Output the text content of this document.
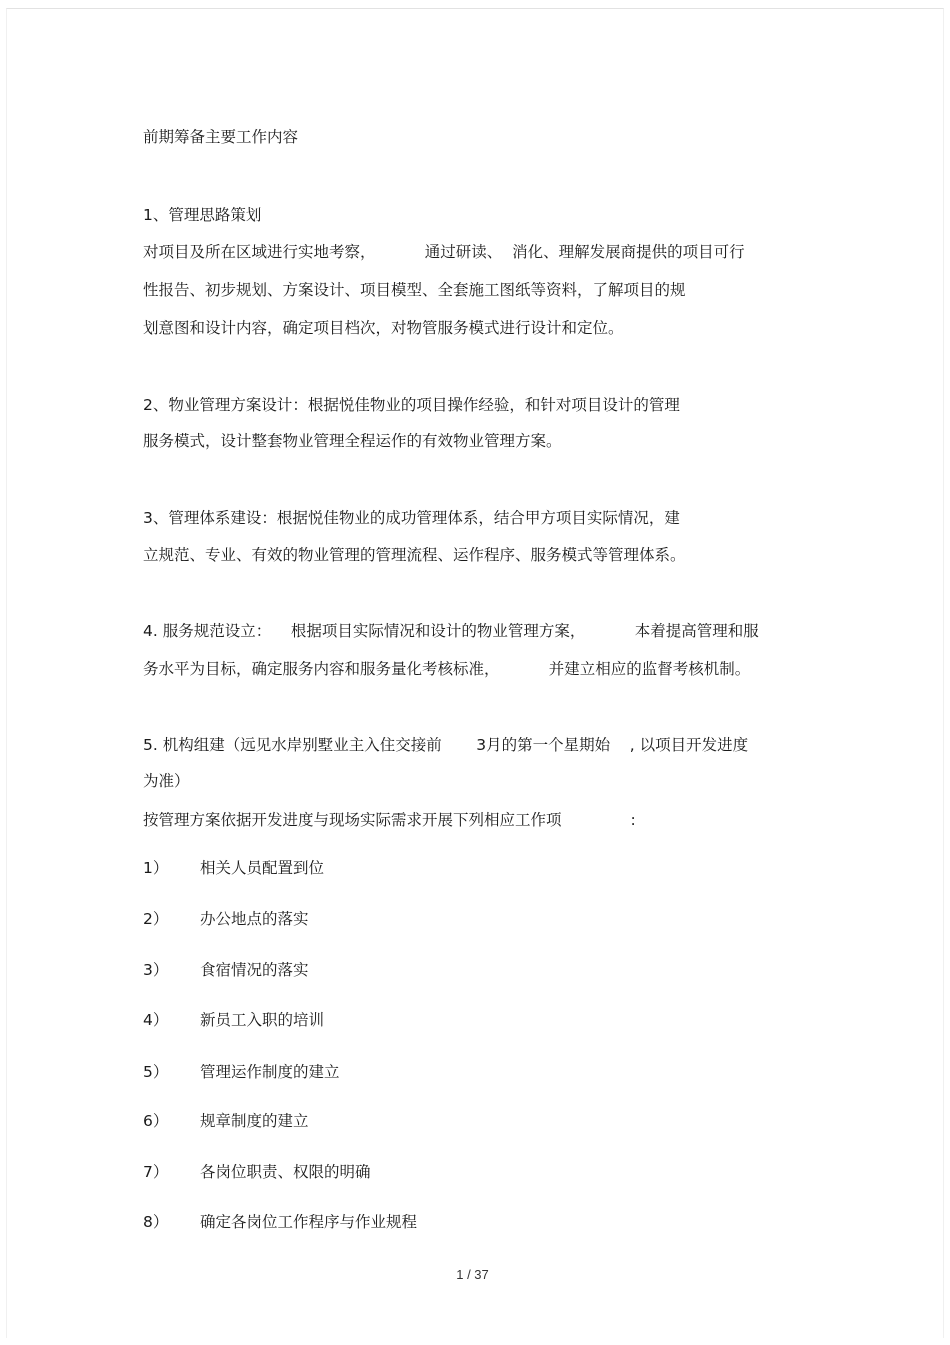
前期筹备主要工作内容
1、管理思路策划
对项目及所在区域进行实地考察，          通过研读、  消化、理解发展商提供的项目可行
性报告、初步规划、方案设计、项目模型、全套施工图纸等资料，了解项目的规
划意图和设计内容，确定项目档次，对物管服务模式进行设计和定位。
2、物业管理方案设计：根据悦佳物业的项目操作经验，和针对项目设计的管理
服务模式，设计整套物业管理全程运作的有效物业管理方案。
3、管理体系建设：根据悦佳物业的成功管理体系，结合甲方项目实际情况，建
立规范、专业、有效的物业管理的管理流程、运作程序、服务模式等管理体系。
4. 服务规范设立：    根据项目实际情况和设计的物业管理方案，          本着提高管理和服
务水平为目标，确定服务内容和服务量化考核标准，          并建立相应的监督考核机制。
5. 机构组建（远见水岸别墅业主入住交接前       3月的第一个星期始    , 以项目开发进度
为准）
按管理方案依据开发进度与现场实际需求开展下列相应工作项              :
1） 相关人员配置到位
2） 办公地点的落实
3） 食宿情况的落实
4） 新员工入职的培训
5） 管理运作制度的建立
6） 规章制度的建立
7） 各岗位职责、权限的明确
8） 确定各岗位工作程序与作业规程
1 / 37
